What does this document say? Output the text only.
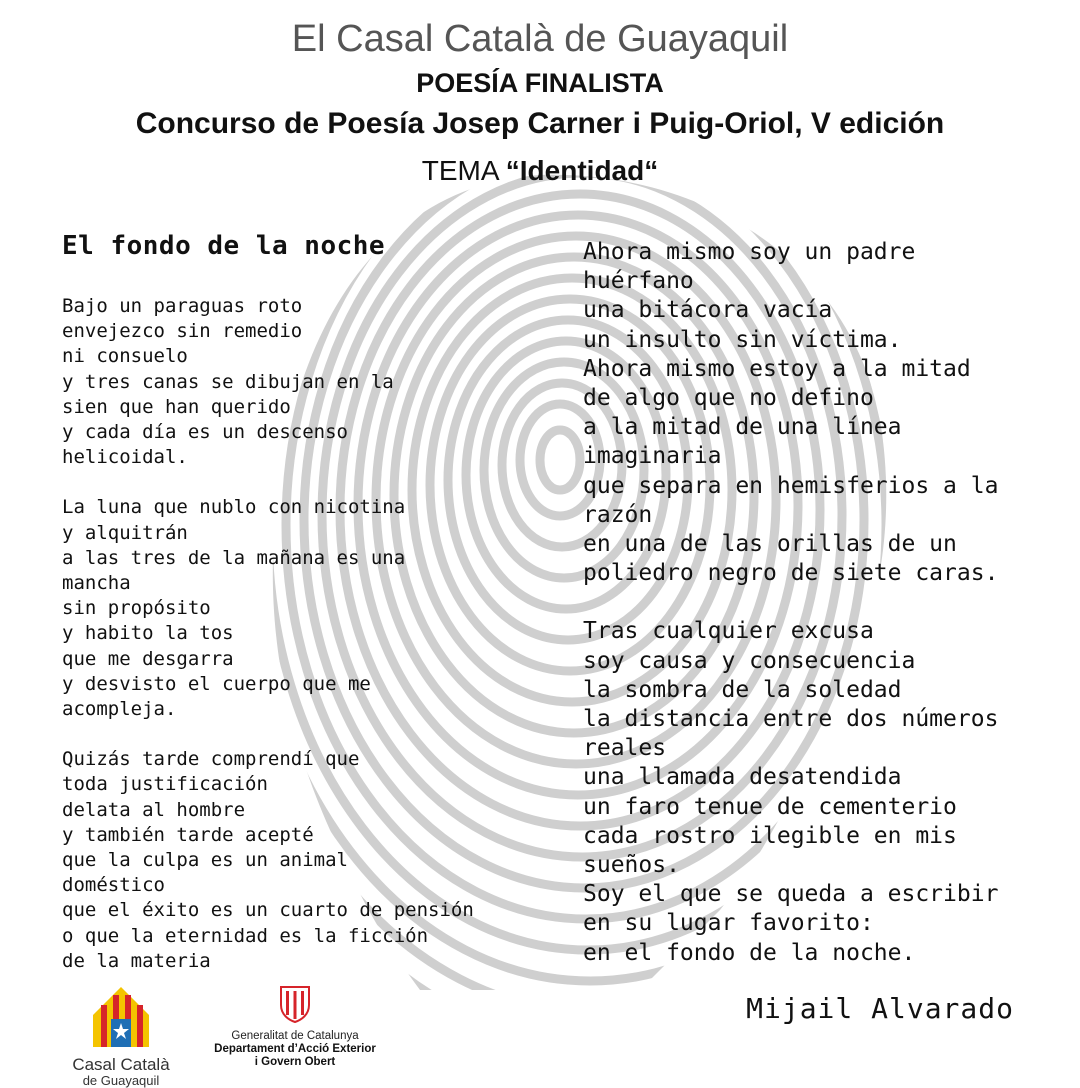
El Casal Català de Guayaquil
POESÍA FINALISTA
Concurso de Poesía Josep Carner i Puig-Oriol, V edición
TEMA “Identidad“
El fondo de la noche
Bajo un paraguas roto
envejezco sin remedio
ni consuelo
y tres canas se dibujan en la
sien que han querido
y cada día es un descenso
helicoidal.
La luna que nublo con nicotina
y alquitrán
a las tres de la mañana es una
mancha
sin propósito
y habito la tos
que me desgarra
y desvisto el cuerpo que me
acompleja.
Quizás tarde comprendí que
toda justificación
delata al hombre
y también tarde acepté
que la culpa es un animal
doméstico
que el éxito es un cuarto de pensión
o que la eternidad es la ficción
de la materia
Ahora mismo soy un padre
huérfano
una bitácora vacía
un insulto sin víctima.
Ahora mismo estoy a la mitad
de algo que no defino
a la mitad de una línea
imaginaria
que separa en hemisferios a la
razón
en una de las orillas de un
poliedro negro de siete caras.
Tras cualquier excusa
soy causa y consecuencia
la sombra de la soledad
la distancia entre dos números
reales
una llamada desatendida
un faro tenue de cementerio
cada rostro ilegible en mis
sueños.
Soy el que se queda a escribir
en su lugar favorito:
en el fondo de la noche.
Mijail Alvarado
Casal Català
de Guayaquil
Generalitat de Catalunya
Departament d’Acció Exterior
i Govern Obert
